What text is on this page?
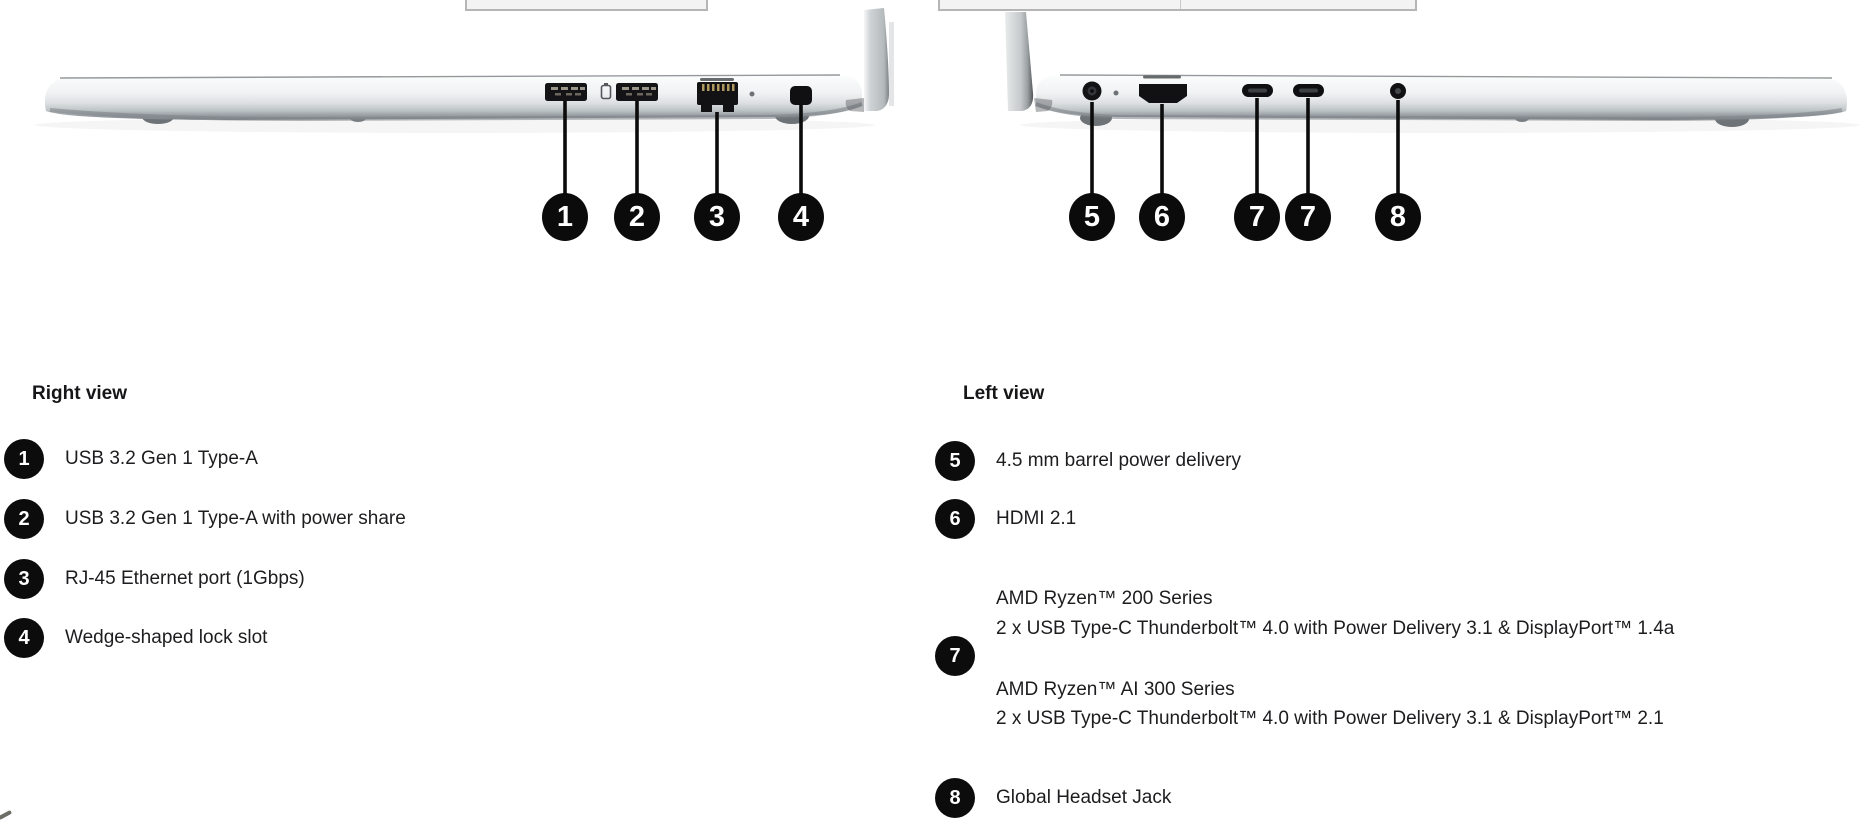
1	2	3	4	5	6	7	7	8
Right view
1	USB 3.2 Gen 1 Type-A
2	USB 3.2 Gen 1 Type-A with power share
3	RJ-45 Ethernet port (1Gbps)
4	Wedge-shaped lock slot
Left view
5	4.5 mm barrel power delivery
6	HDMI 2.1
7
AMD Ryzen™ 200 Series
2 x USB Type-C Thunderbolt™ 4.0 with Power Delivery 3.1 & DisplayPort™ 1.4a
AMD Ryzen™ AI 300 Series
2 x USB Type-C Thunderbolt™ 4.0 with Power Delivery 3.1 & DisplayPort™ 2.1
8	Global Headset Jack
